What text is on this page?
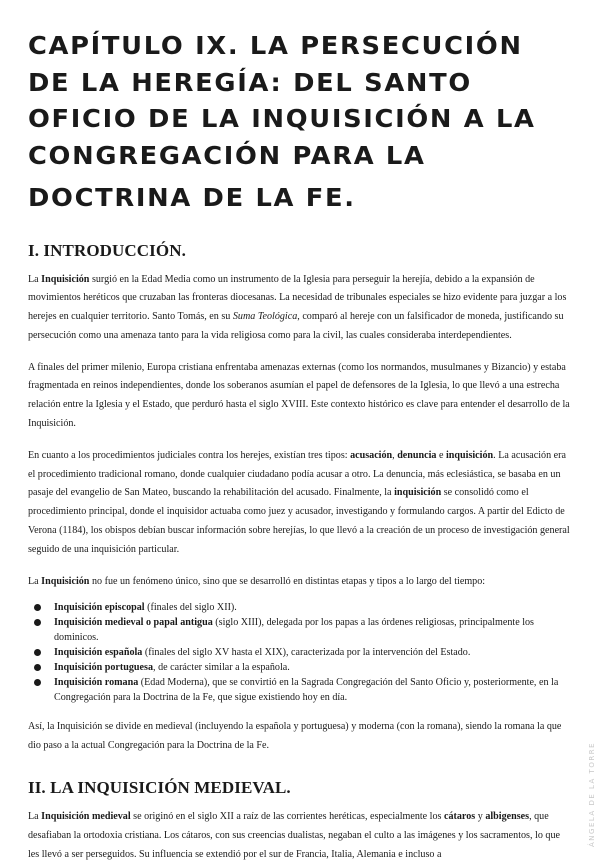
CAPÍTULO IX. LA PERSECUCIÓN
DE LA HEREGÍA: DEL SANTO
OFICIO DE LA INQUISICIÓN A LA
CONGREGACIÓN PARA LA
DOCTRINA DE LA FE.
I. INTRODUCCIÓN.

La Inquisición surgió en la Edad Media como un instrumento de la Iglesia para perseguir la herejía, debido a la expansión de movimientos heréticos que cruzaban las fronteras diocesanas. La necesidad de tribunales especiales se hizo evidente para juzgar a los herejes en cualquier territorio. Santo Tomás, en su Suma Teológica, comparó al hereje con un falsificador de moneda, justificando su persecución como una amenaza tanto para la vida religiosa como para la civil, las cuales consideraba interdependientes.

A finales del primer milenio, Europa cristiana enfrentaba amenazas externas (como los normandos, musulmanes y Bizancio) y estaba fragmentada en reinos independientes, donde los soberanos asumían el papel de defensores de la Iglesia, lo que llevó a una estrecha relación entre la Iglesia y el Estado, que perduró hasta el siglo XVIII. Este contexto histórico es clave para entender el desarrollo de la Inquisición.

En cuanto a los procedimientos judiciales contra los herejes, existían tres tipos: acusación, denuncia e inquisición. La acusación era el procedimiento tradicional romano, donde cualquier ciudadano podía acusar a otro. La denuncia, más eclesiástica, se basaba en un pasaje del evangelio de San Mateo, buscando la rehabilitación del acusado. Finalmente, la inquisición se consolidó como el procedimiento principal, donde el inquisidor actuaba como juez y acusador, investigando y formulando cargos. A partir del Edicto de Verona (1184), los obispos debían buscar información sobre herejías, lo que llevó a la creación de un proceso de investigación general seguido de una inquisición particular.

La Inquisición no fue un fenómeno único, sino que se desarrolló en distintas etapas y tipos a lo largo del tiempo:

Inquisición episcopal (finales del siglo XII).
Inquisición medieval o papal antigua (siglo XIII), delegada por los papas a las órdenes religiosas, principalmente los dominicos.
Inquisición española (finales del siglo XV hasta el XIX), caracterizada por la intervención del Estado.
Inquisición portuguesa, de carácter similar a la española.
Inquisición romana (Edad Moderna), que se convirtió en la Sagrada Congregación del Santo Oficio y, posteriormente, en la Congregación para la Doctrina de la Fe, que sigue existiendo hoy en día.

Así, la Inquisición se divide en medieval (incluyendo la española y portuguesa) y moderna (con la romana), siendo la romana la que dio paso a la actual Congregación para la Doctrina de la Fe.

II. LA INQUISICIÓN MEDIEVAL.

La Inquisición medieval se originó en el siglo XII a raíz de las corrientes heréticas, especialmente los cátaros y albigenses, que desafiaban la ortodoxia cristiana. Los cátaros, con sus creencias dualistas, negaban el culto a las imágenes y los sacramentos, lo que les llevó a ser perseguidos. Su influencia se extendió por el sur de Francia, Italia, Alemania e incluso a

ÁNGELA DE LA TORRE
